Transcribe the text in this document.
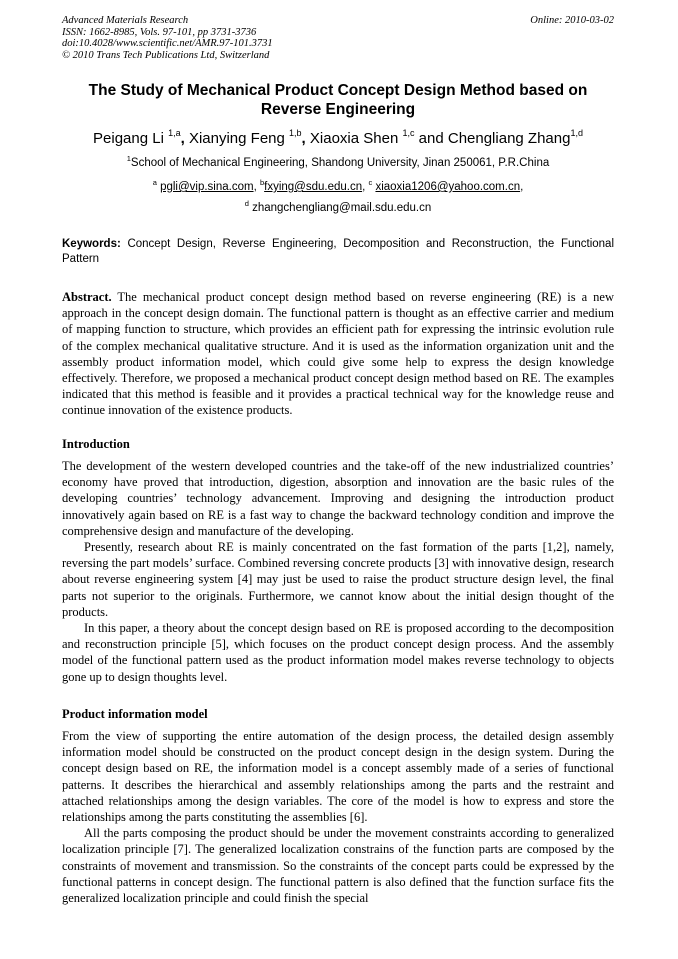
Advanced Materials Research
ISSN: 1662-8985, Vols. 97-101, pp 3731-3736
doi:10.4028/www.scientific.net/AMR.97-101.3731
© 2010 Trans Tech Publications Ltd, Switzerland
Online: 2010-03-02
The Study of Mechanical Product Concept Design Method based on
Reverse Engineering
Peigang Li $^{1,a}$, Xianying Feng $^{1,b}$, Xiaoxia Shen $^{1,c}$ and Chengliang Zhang$^{1,d}$
$^1$School of Mechanical Engineering, Shandong University, Jinan 250061, P.R.China
$^a$ pgli@vip.sina.com, $^b$fxying@sdu.edu.cn, $^c$ xiaoxia1206@yahoo.com.cn,
$^d$ zhangchengliang@mail.sdu.edu.cn
Keywords: Concept Design, Reverse Engineering, Decomposition and Reconstruction, the Functional Pattern

Abstract. The mechanical product concept design method based on reverse engineering (RE) is a new approach in the concept design domain. The functional pattern is thought as an effective carrier and medium of mapping function to structure, which provides an efficient path for expressing the intrinsic evolution rule of the complex mechanical qualitative structure. And it is used as the information organization unit and the assembly product information model, which could give some help to express the design knowledge effectively. Therefore, we proposed a mechanical product concept design method based on RE. The examples indicated that this method is feasible and it provides a practical technical way for the knowledge reuse and continue innovation of the existence products.

Introduction

The development of the western developed countries and the take-off of the new industrialized countries’ economy have proved that introduction, digestion, absorption and innovation are the basic rules of the developing countries’ technology advancement. Improving and designing the introduction product innovatively again based on RE is a fast way to change the backward technology condition and improve the comprehensive design and manufacture of the developing.

Presently, research about RE is mainly concentrated on the fast formation of the parts [1,2], namely, reversing the part models’ surface. Combined reversing concrete products [3] with innovative design, research about reverse engineering system [4] may just be used to raise the product structure design level, the final parts not superior to the originals. Furthermore, we cannot know about the initial design thought of the products.

In this paper, a theory about the concept design based on RE is proposed according to the decomposition and reconstruction principle [5], which focuses on the product concept design process. And the assembly model of the functional pattern used as the product information model makes reverse technology to objects gone up to design thoughts level.

Product information model

From the view of supporting the entire automation of the design process, the detailed design assembly information model should be constructed on the product concept design in the design system. During the concept design based on RE, the information model is a concept assembly made of a series of functional patterns. It describes the hierarchical and assembly relationships among the parts and the restraint and attached relationships among the design variables. The core of the model is how to express and store the relationships among the parts constituting the assemblies [6].

All the parts composing the product should be under the movement constraints according to generalized localization principle [7]. The generalized localization constrains of the function parts are composed by the constraints of movement and transmission. So the constraints of the concept parts could be expressed by the functional patterns in concept design. The functional pattern is also defined that the function surface fits the generalized localization principle and could finish the special
